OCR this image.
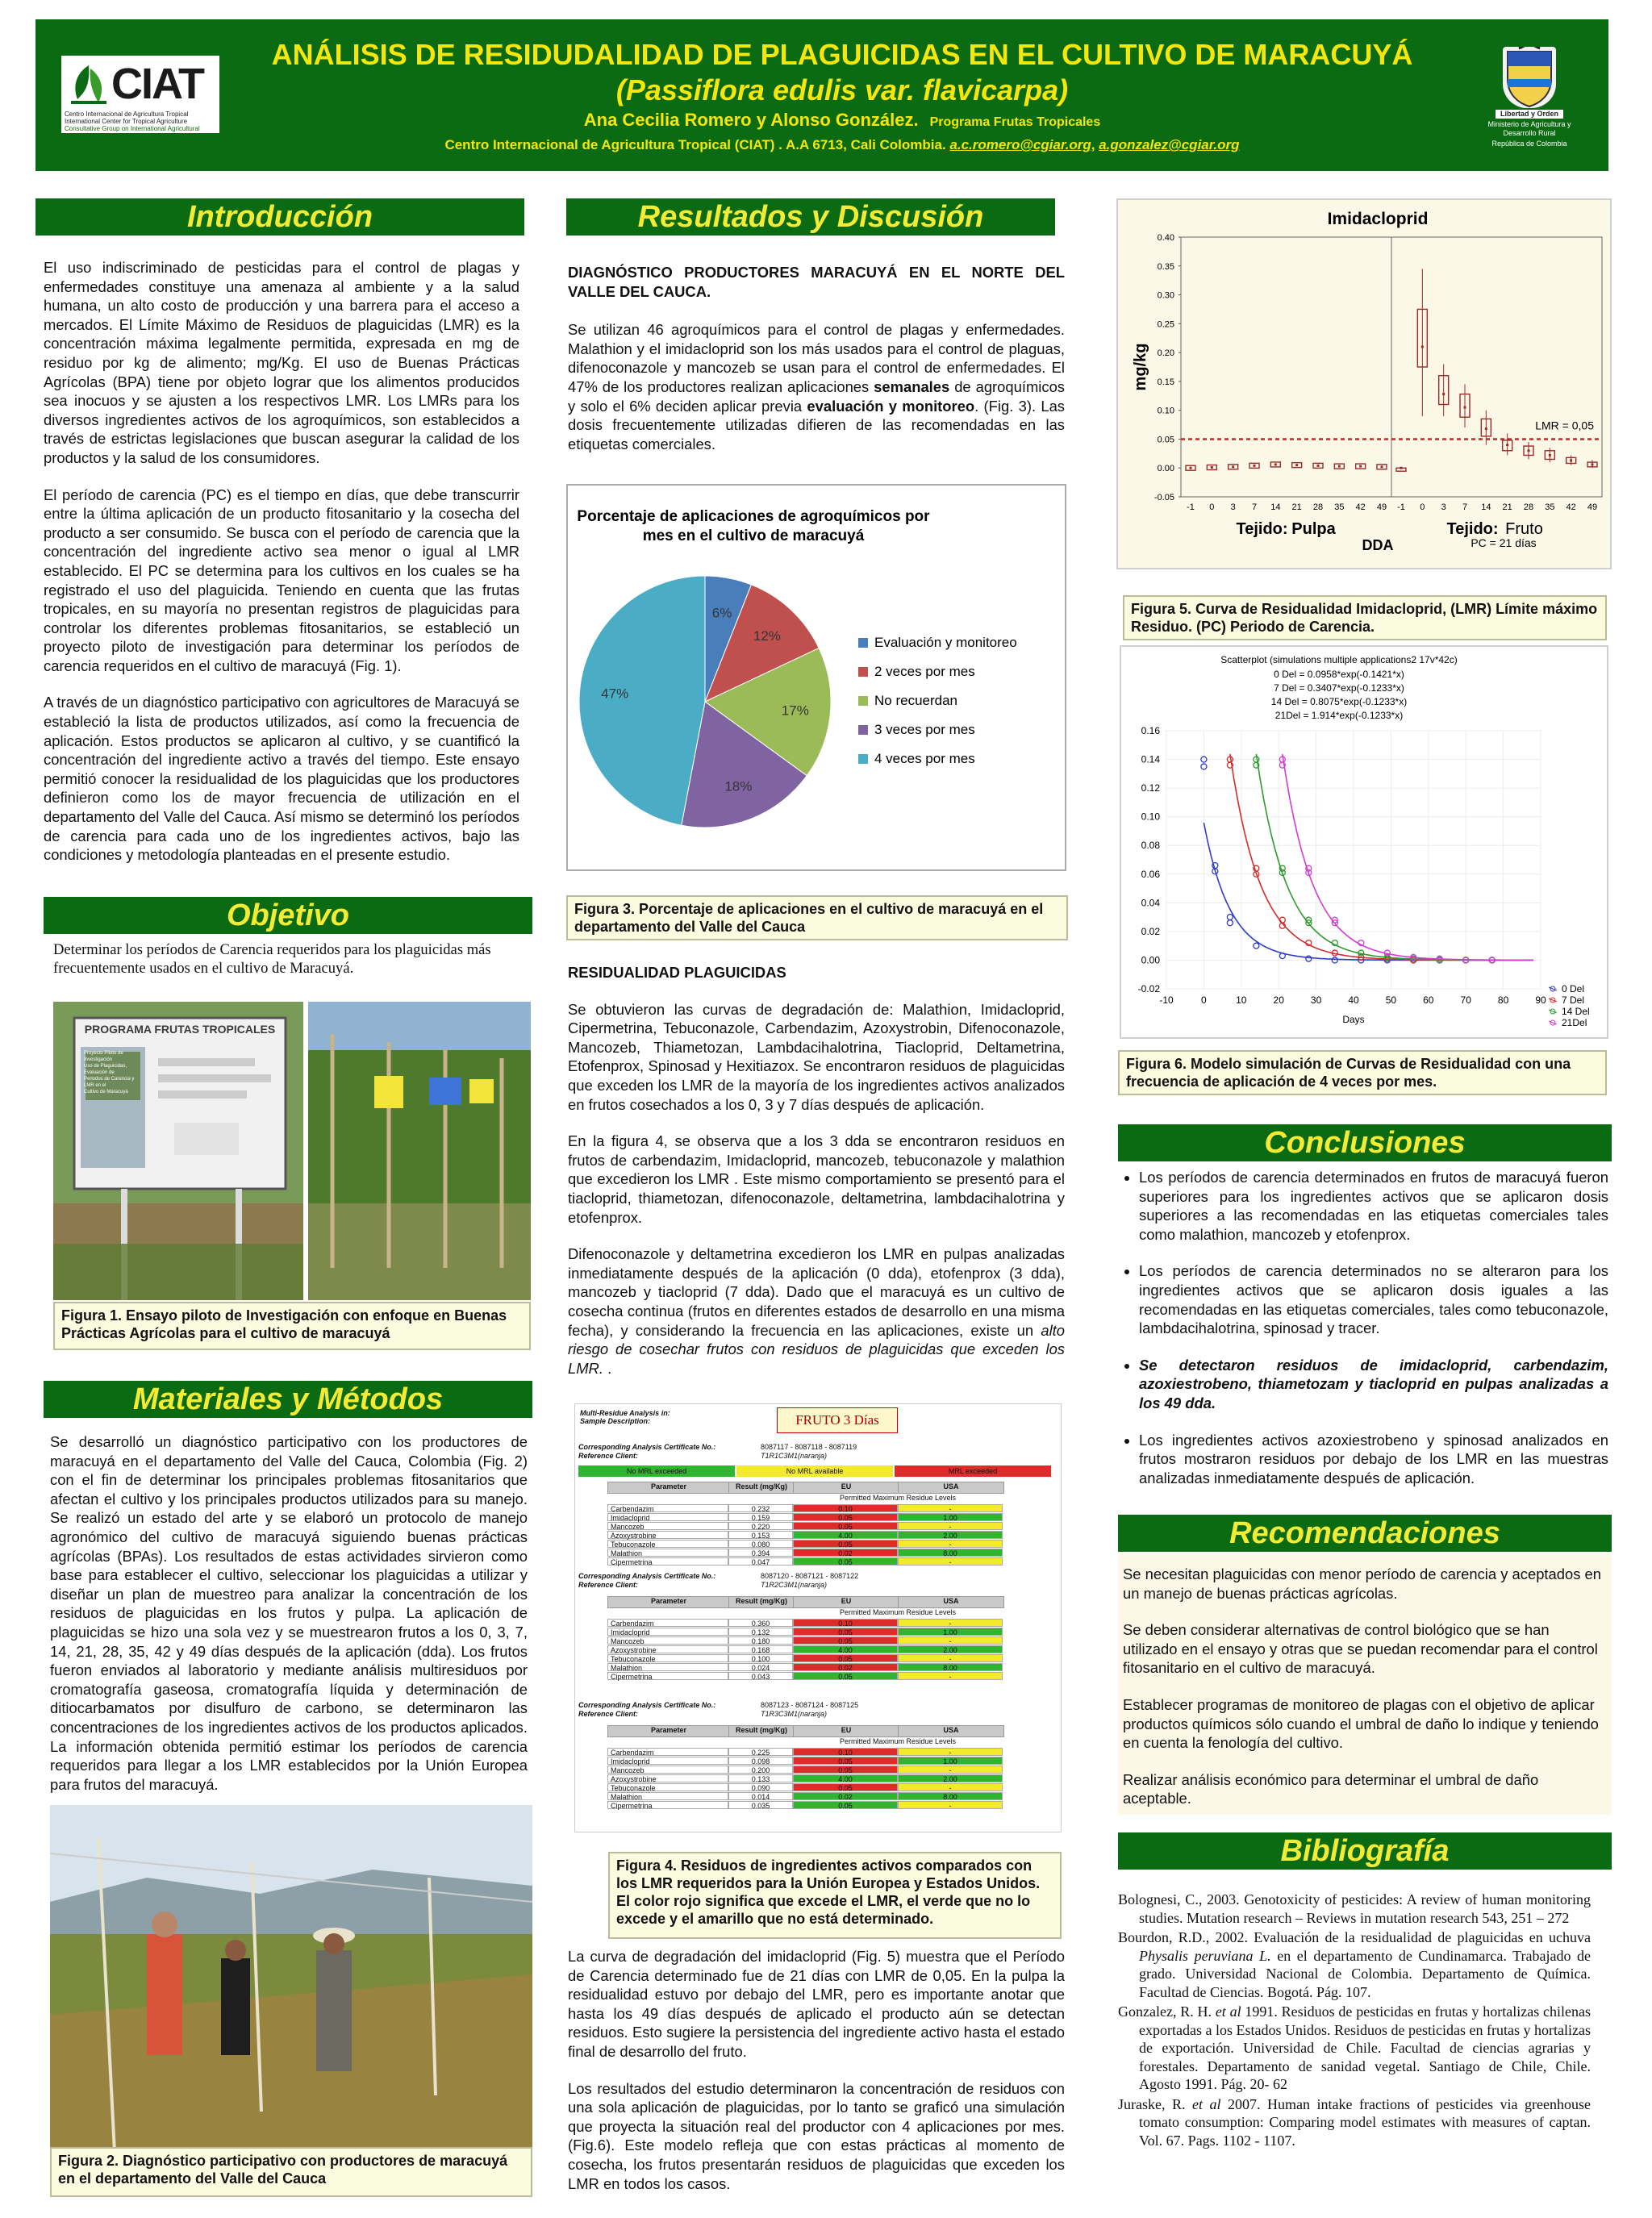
CIAT
Centro Internacional de Agricultura Tropical International Center for Tropical Agriculture
Consultative Group on International Agricultural Research
ANÁLISIS DE RESIDUDALIDAD DE PLAGUICIDAS EN EL CULTIVO DE MARACUYÁ
(Passiflora edulis var. flavicarpa)
Ana Cecilia Romero y Alonso González. Programa Frutas Tropicales
Centro Internacional de Agricultura Tropical (CIAT) . A.A 6713, Cali Colombia. a.c.romero@cgiar.org, a.gonzalez@cgiar.org
Libertad y Orden
Ministerio de Agricultura y Desarrollo Rural
República de Colombia
Introducción

El uso indiscriminado de pesticidas para el control de plagas y enfermedades constituye una amenaza al ambiente y a la salud humana, un alto costo de producción y una barrera para el acceso a mercados. El Límite Máximo de Residuos de plaguicidas (LMR) es la concentración máxima legalmente permitida, expresada en mg de residuo por kg de alimento; mg/Kg. El uso de Buenas Prácticas Agrícolas (BPA) tiene por objeto lograr que los alimentos producidos sea inocuos y se ajusten a los respectivos LMR. Los LMRs para los diversos ingredientes activos de los agroquímicos, son establecidos a través de estrictas legislaciones que buscan asegurar la calidad de los productos y la salud de los consumidores.

El período de carencia (PC) es el tiempo en días, que debe transcurrir entre la última aplicación de un producto fitosanitario y la cosecha del producto a ser consumido. Se busca con el período de carencia que la concentración del ingrediente activo sea menor o igual al LMR establecido. El PC se determina para los cultivos en los cuales se ha registrado el uso del plaguicida. Teniendo en cuenta que las frutas tropicales, en su mayoría no presentan registros de plaguicidas para controlar los diferentes problemas fitosanitarios, se estableció un proyecto piloto de investigación para determinar los períodos de carencia requeridos en el cultivo de maracuyá (Fig. 1).

A través de un diagnóstico participativo con agricultores de Maracuyá se estableció la lista de productos utilizados, así como la frecuencia de aplicación. Estos productos se aplicaron al cultivo, y se cuantificó la concentración del ingrediente activo a través del tiempo. Este ensayo permitió conocer la residualidad de los plaguicidas que los productores definieron como los de mayor frecuencia de utilización en el departamento del Valle del Cauca. Así mismo se determinó los períodos de carencia para cada uno de los ingredientes activos, bajo las condiciones y metodología planteadas en el presente estudio.

Objetivo
Determinar los períodos de Carencia requeridos para los plaguicidas más frecuentemente usados en el cultivo de Maracuyá.
PROGRAMA FRUTAS TROPICALES
Proyecto Piloto de Investigación
Uso de Plaguicidas, Evaluación de
Periodos de Carencia y LMR en el
Cultivo de Maracuyá
Figura 1. Ensayo piloto de Investigación con enfoque en Buenas Prácticas Agrícolas para el cultivo de maracuyá
Materiales y Métodos
Se desarrolló un diagnóstico participativo con los productores de maracuyá en el departamento del Valle del Cauca, Colombia (Fig. 2) con el fin de determinar los principales problemas fitosanitarios que afectan el cultivo y los principales productos utilizados para su manejo. Se realizó un estado del arte y se elaboró un protocolo de manejo agronómico del cultivo de maracuyá siguiendo buenas prácticas agrícolas (BPAs). Los resultados de estas actividades sirvieron como base para establecer el cultivo, seleccionar los plaguicidas a utilizar y diseñar un plan de muestreo para analizar la concentración de los residuos de plaguicidas en los frutos y pulpa. La aplicación de plaguicidas se hizo una sola vez y se muestrearon frutos a los 0, 3, 7, 14, 21, 28, 35, 42 y 49 días después de la aplicación (dda). Los frutos fueron enviados al laboratorio y mediante análisis multiresiduos por cromatografía gaseosa, cromatografía líquida y determinación de ditiocarbamatos por disulfuro de carbono, se determinaron las concentraciones de los ingredientes activos de los productos aplicados. La información obtenida permitió estimar los períodos de carencia requeridos para llegar a los LMR establecidos por la Unión Europea para frutos del maracuyá.
Figura 2. Diagnóstico participativo con productores de maracuyá en el departamento del Valle del Cauca
Resultados y Discusión

DIAGNÓSTICO PRODUCTORES MARACUYÁ EN EL NORTE DEL VALLE DEL CAUCA.

Se utilizan 46 agroquímicos para el control de plagas y enfermedades. Malathion y el imidacloprid son los más usados para el control de plaguas, difenoconazole y mancozeb se usan para el control de enfermedades. El 47% de los productores realizan aplicaciones semanales de agroquímicos y solo el 6% deciden aplicar previa evaluación y monitoreo. (Fig. 3). Las dosis frecuentemente utilizadas difieren de las recomendadas en las etiquetas comerciales.

Porcentaje de aplicaciones de agroquímicos por
mes en el cultivo de maracuyá
6%
12%
17%
18%
47%
Evaluación y monitoreo
2 veces por mes
No recuerdan
3 veces por mes
4 veces por mes
Figura 3. Porcentaje de aplicaciones en el cultivo de maracuyá en el departamento del Valle del Cauca

RESIDUALIDAD PLAGUICIDAS

Se obtuvieron las curvas de degradación de: Malathion, Imidacloprid, Cipermetrina, Tebuconazole, Carbendazim, Azoxystrobin, Difenoconazole, Mancozeb, Thiametozan, Lambdacihalotrina, Tiacloprid, Deltametrina, Etofenprox, Spinosad y Hexitiazox. Se encontraron residuos de plaguicidas que exceden los LMR de la mayoría de los ingredientes activos analizados en frutos cosechados a los 0, 3 y 7 días después de aplicación.

En la figura 4, se observa que a los 3 dda se encontraron residuos en frutos de carbendazim, Imidacloprid, mancozeb, tebuconazole y malathion que excedieron los LMR . Este mismo comportamiento se presentó para el tiacloprid, thiametozan, difenoconazole, deltametrina, lambdacihalotrina y etofenprox.

Difenoconazole y deltametrina excedieron los LMR en pulpas analizadas inmediatamente después de la aplicación (0 dda), etofenprox (3 dda), mancozeb y tiacloprid (7 dda). Dado que el maracuyá es un cultivo de cosecha continua (frutos en diferentes estados de desarrollo en una misma fecha), y considerando la frecuencia en las aplicaciones, existe un alto riesgo de cosechar frutos con residuos de plaguicidas que exceden los LMR. .

Multi-Residue Analysis in:
Sample Description:	FRUTO 3 Días
Corresponding Analysis Certificate No.:	8087117 - 8087118 - 8087119
Reference Client:	T1R1C3M1(naranja)
No MRL exceeded	No MRL available	MRL exceeded
Parameter	Result (mg/Kg)	EU	USA
Permitted Maximum Residue Levels
Carbendazim	0.232	0.10	-
Imidacloprid	0.159	0.05	1.00
Mancozeb	0.220	0.05	-
Azoxystrobine	0.153	4.00	2.00
Tebuconazole	0.080	0.05	-
Malathion	0.394	0.02	8.00
Cipermetrina	0.047	0.05	-
Corresponding Analysis Certificate No.:	8087120 - 8087121 - 8087122
Reference Client:	T1R2C3M1(naranja)
Parameter	Result (mg/Kg)	EU	USA
Permitted Maximum Residue Levels
Carbendazim	0.360	0.10	-
Imidacloprid	0.132	0.05	1.00
Mancozeb	0.180	0.05	-
Azoxystrobine	0.168	4.00	2.00
Tebuconazole	0.100	0.05	-
Malathion	0.024	0.02	8.00
Cipermetrina	0.043	0.05	-
Corresponding Analysis Certificate No.:	8087123 - 8087124 - 8087125
Reference Client:	T1R3C3M1(naranja)
Parameter	Result (mg/Kg)	EU	USA
Permitted Maximum Residue Levels
Carbendazim	0.225	0.10	-
Imidacloprid	0.098	0.05	1.00
Mancozeb	0.200	0.05	-
Azoxystrobine	0.133	4.00	2.00
Tebuconazole	0.090	0.05	-
Malathion	0.014	0.02	8.00
Cipermetrina	0.035	0.05	-
Figura 4. Residuos de ingredientes activos comparados con los LMR requeridos para la Unión Europea y Estados Unidos. El color rojo significa que excede el LMR, el verde que no lo excede y el amarillo que no está determinado.

La curva de degradación del imidacloprid (Fig. 5) muestra que el Período de Carencia determinado fue de 21 días con LMR de 0,05. En la pulpa la residualidad estuvo por debajo del LMR, pero es importante anotar que hasta los 49 días después de aplicado el producto aún se detectan residuos. Esto sugiere la persistencia del ingrediente activo hasta el estado final de desarrollo del fruto.

Los resultados del estudio determinaron la concentración de residuos con una sola aplicación de plaguicidas, por lo tanto se graficó una simulación que proyecta la situación real del productor con 4 aplicaciones por mes. (Fig.6). Este modelo refleja que con estas prácticas al momento de cosecha, los frutos presentarán residuos de plaguicidas que exceden los LMR en todos los casos.

Imidacloprid
-0.05
0.00
0.05
0.10
0.15
0.20
0.25
0.30
0.35
0.40
mg/kg
-1 0 3 7 14 21 28 35 42 49
Tejido: Pulpa
-1 0 3 7 14 21 28 35 42 49
Tejido: Fruto
LMR = 0,05
DDA	PC = 21 días
Figura 5. Curva de Residualidad Imidacloprid, (LMR) Límite máximo Residuo. (PC) Periodo de Carencia.
Scatterplot (simulations multiple applications2 17v*42c)
0 Del = 0.0958*exp(-0.1421*x)
7 Del = 0.3407*exp(-0.1233*x)
14 Del = 0.8075*exp(-0.1233*x)
21Del = 1.914*exp(-0.1233*x)
-0.02
0.00
0.02
0.04
0.06
0.08
0.10
0.12
0.14
0.16
-10	0	10	20	30	40	50	60	70	80	90
Days
0 Del
7 Del
14 Del
21Del
Figura 6. Modelo simulación de Curvas de Residualidad con una frecuencia de aplicación de 4 veces por mes.
Conclusiones
• Los períodos de carencia determinados en frutos de maracuyá fueron superiores para los ingredientes activos que se aplicaron dosis superiores a las recomendadas en las etiquetas comerciales tales como malathion, mancozeb y etofenprox.
• Los períodos de carencia determinados no se alteraron para los ingredientes activos que se aplicaron dosis iguales a las recomendadas en las etiquetas comerciales, tales como tebuconazole, lambdacihalotrina, spinosad y tracer.
• Se detectaron residuos de imidacloprid, carbendazim, azoxiestrobeno, thiametozam y tiacloprid en pulpas analizadas a los 49 dda.
• Los ingredientes activos azoxiestrobeno y spinosad analizados en frutos mostraron residuos por debajo de los LMR en las muestras analizadas inmediatamente después de aplicación.
Recomendaciones

Se necesitan plaguicidas con menor período de carencia y aceptados en un manejo de buenas prácticas agrícolas.

Se deben considerar alternativas de control biológico que se han utilizado en el ensayo y otras que se puedan recomendar para el control fitosanitario en el cultivo de maracuyá.

Establecer programas de monitoreo de plagas con el objetivo de aplicar productos químicos sólo cuando el umbral de daño lo indique y teniendo en cuenta la fenología del cultivo.

Realizar análisis económico para determinar el umbral de daño aceptable.

Bibliografía
Bolognesi, C., 2003. Genotoxicity of pesticides: A review of human monitoring studies. Mutation research – Reviews in mutation research 543, 251 – 272
Bourdon, R.D., 2002. Evaluación de la residualidad de plaguicidas en uchuva Physalis peruviana L. en el departamento de Cundinamarca. Trabajado de grado. Universidad Nacional de Colombia. Departamento de Química. Facultad de Ciencias. Bogotá. Pág. 107.
Gonzalez, R. H. et al 1991. Residuos de pesticidas en frutas y hortalizas chilenas exportadas a los Estados Unidos. Residuos de pesticidas en frutas y hortalizas de exportación. Universidad de Chile. Facultad de ciencias agrarias y forestales. Departamento de sanidad vegetal. Santiago de Chile, Chile. Agosto 1991. Pág. 20- 62
Juraske, R. et al 2007. Human intake fractions of pesticides via greenhouse tomato consumption: Comparing model estimates with measures of captan. Vol. 67. Pags. 1102 - 1107.
